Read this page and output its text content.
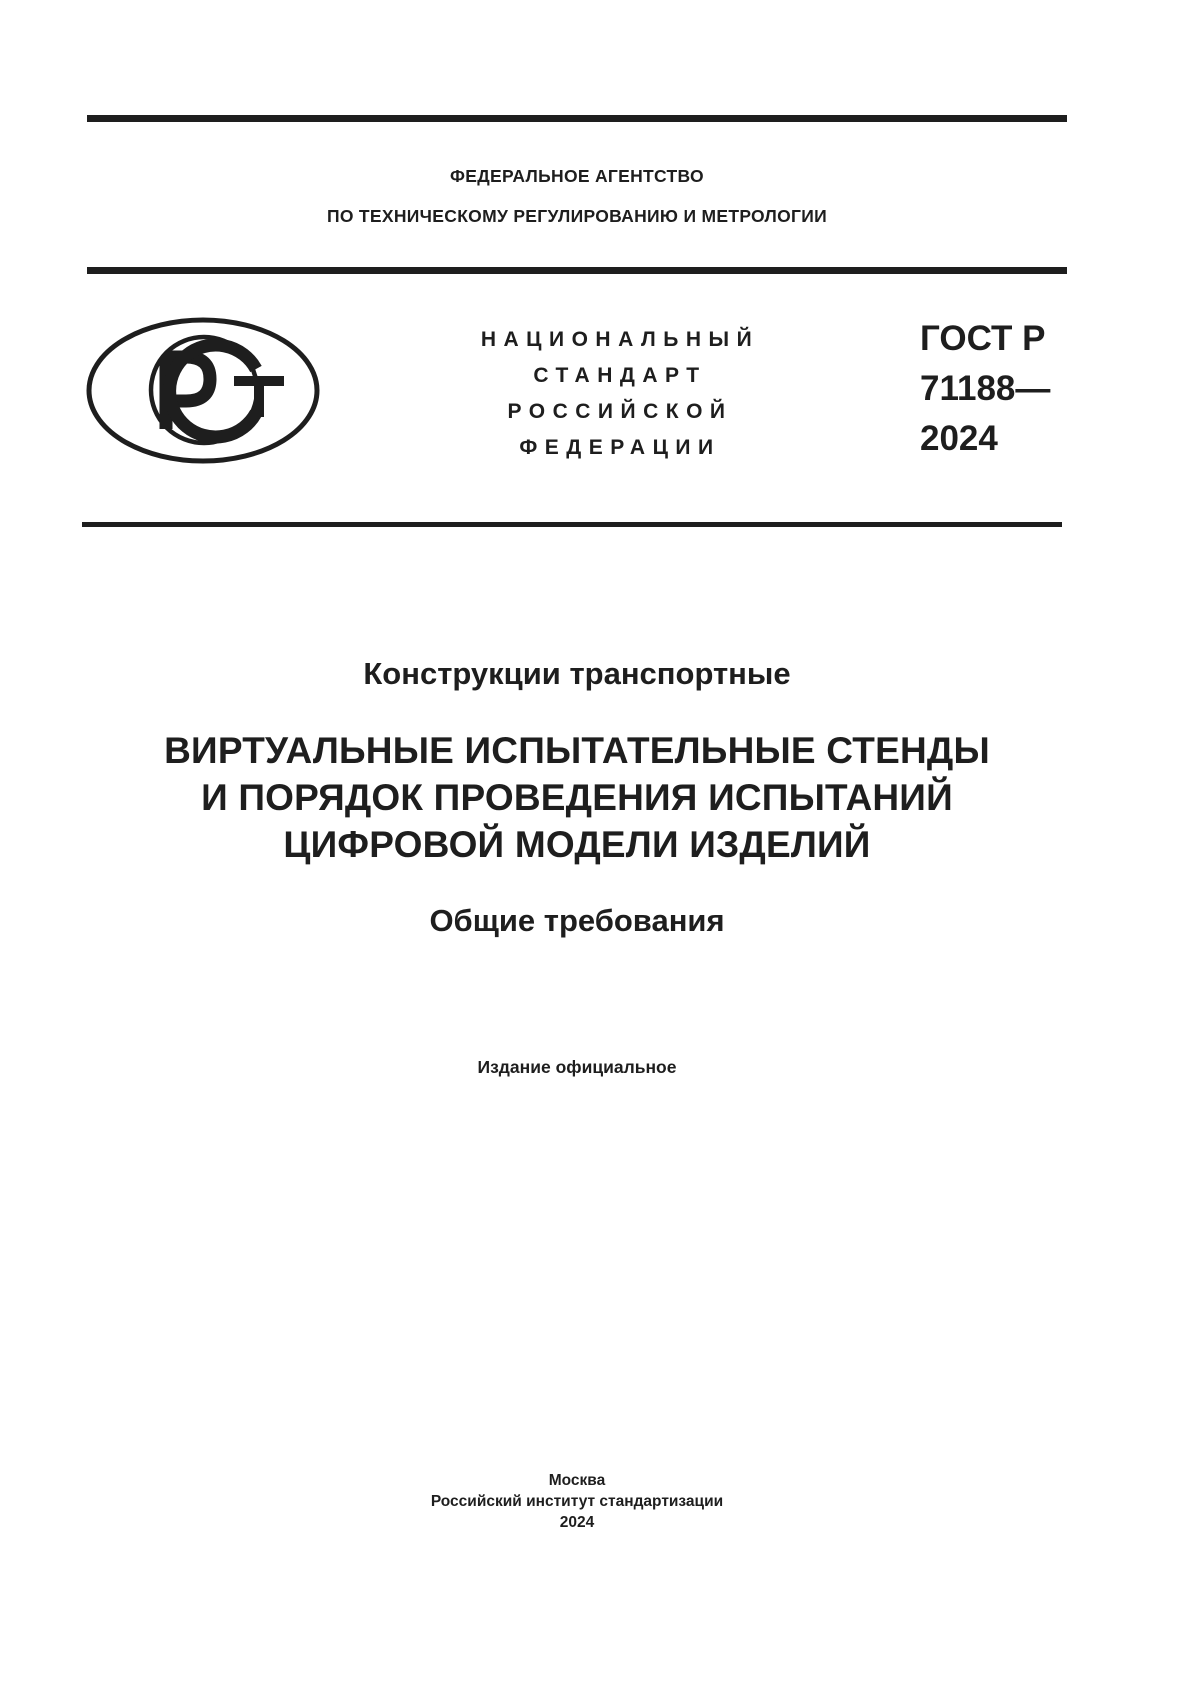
ФЕДЕРАЛЬНОЕ АГЕНТСТВО
ПО ТЕХНИЧЕСКОМУ РЕГУЛИРОВАНИЮ И МЕТРОЛОГИИ
НАЦИОНАЛЬНЫЙ
СТАНДАРТ
РОССИЙСКОЙ
ФЕДЕРАЦИИ
ГОСТ Р
71188—
2024
Конструкции транспортные
ВИРТУАЛЬНЫЕ ИСПЫТАТЕЛЬНЫЕ СТЕНДЫ
И ПОРЯДОК ПРОВЕДЕНИЯ ИСПЫТАНИЙ
ЦИФРОВОЙ МОДЕЛИ ИЗДЕЛИЙ
Общие требования
Издание официальное
Москва
Российский институт стандартизации
2024
